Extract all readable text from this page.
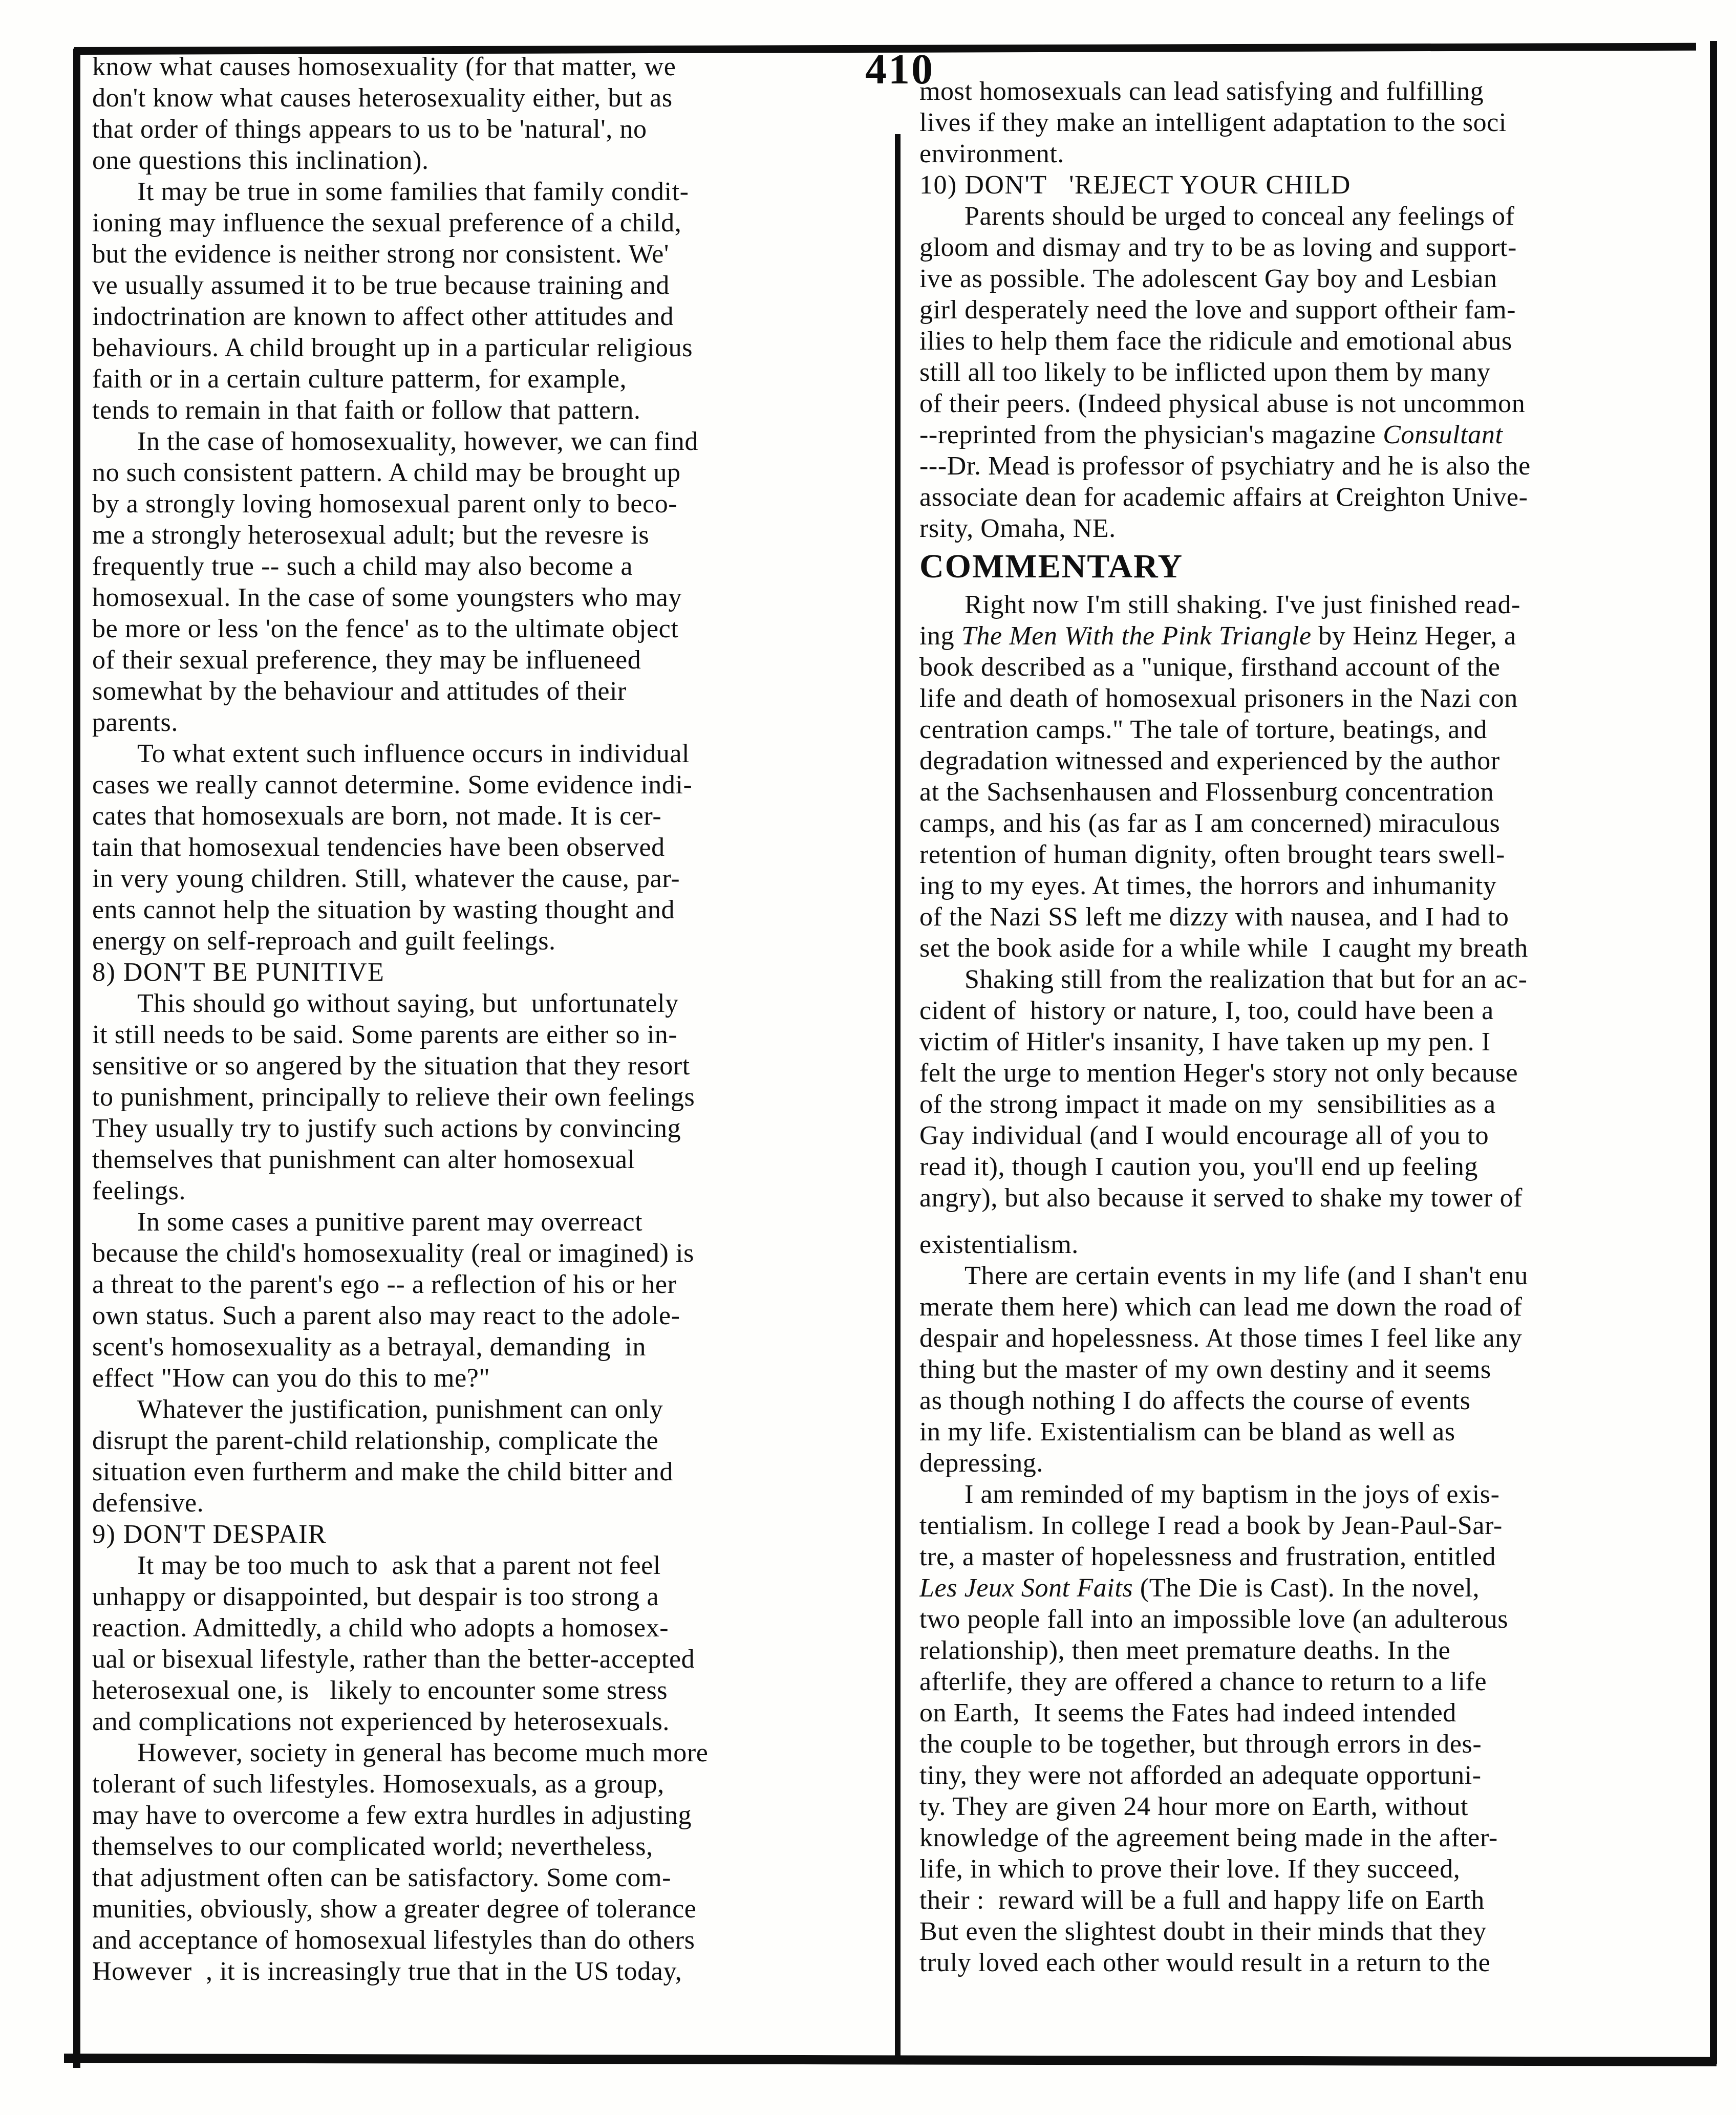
410
know what causes homosexuality (for that matter, we
don't know what causes heterosexuality either, but as
that order of things appears to us to be 'natural', no
one questions this inclination).
It may be true in some families that family condit-
ioning may influence the sexual preference of a child,
but the evidence is neither strong nor consistent. We'
ve usually assumed it to be true because training and
indoctrination are known to affect other attitudes and
behaviours. A child brought up in a particular religious
faith or in a certain culture patterm, for example,
tends to remain in that faith or follow that pattern.
In the case of homosexuality, however, we can find
no such consistent pattern. A child may be brought up
by a strongly loving homosexual parent only to beco-
me a strongly heterosexual adult; but the revesre is
frequently true -- such a child may also become a
homosexual. In the case of some youngsters who may
be more or less 'on the fence' as to the ultimate object
of their sexual preference, they may be influeneed
somewhat by the behaviour and attitudes of their
parents.
To what extent such influence occurs in individual
cases we really cannot determine. Some evidence indi-
cates that homosexuals are born, not made. It is cer-
tain that homosexual tendencies have been observed
in very young children. Still, whatever the cause, par-
ents cannot help the situation by wasting thought and
energy on self-reproach and guilt feelings.
8) DON'T BE PUNITIVE
This should go without saying, but  unfortunately
it still needs to be said. Some parents are either so in-
sensitive or so angered by the situation that they resort
to punishment, principally to relieve their own feelings
They usually try to justify such actions by convincing
themselves that punishment can alter homosexual
feelings.
In some cases a punitive parent may overreact
because the child's homosexuality (real or imagined) is
a threat to the parent's ego -- a reflection of his or her
own status. Such a parent also may react to the adole-
scent's homosexuality as a betrayal, demanding  in
effect "How can you do this to me?"
Whatever the justification, punishment can only
disrupt the parent-child relationship, complicate the
situation even furtherm and make the child bitter and
defensive.
9) DON'T DESPAIR
It may be too much to  ask that a parent not feel
unhappy or disappointed, but despair is too strong a
reaction. Admittedly, a child who adopts a homosex-
ual or bisexual lifestyle, rather than the better-accepted
heterosexual one, is   likely to encounter some stress
and complications not experienced by heterosexuals.
However, society in general has become much more
tolerant of such lifestyles. Homosexuals, as a group,
may have to overcome a few extra hurdles in adjusting
themselves to our complicated world; nevertheless,
that adjustment often can be satisfactory. Some com-
munities, obviously, show a greater degree of tolerance
and acceptance of homosexual lifestyles than do others
However  , it is increasingly true that in the US today,
most homosexuals can lead satisfying and fulfilling
lives if they make an intelligent adaptation to the soci
environment.
10) DON'T   'REJECT YOUR CHILD
Parents should be urged to conceal any feelings of
gloom and dismay and try to be as loving and support-
ive as possible. The adolescent Gay boy and Lesbian
girl desperately need the love and support oftheir fam-
ilies to help them face the ridicule and emotional abus
still all too likely to be inflicted upon them by many
of their peers. (Indeed physical abuse is not uncommon
--reprinted from the physician's magazine Consultant
---Dr. Mead is professor of psychiatry and he is also the
associate dean for academic affairs at Creighton Unive-
rsity, Omaha, NE.
COMMENTARY
Right now I'm still shaking. I've just finished read-
ing The Men With the Pink Triangle by Heinz Heger, a
book described as a "unique, firsthand account of the
life and death of homosexual prisoners in the Nazi con
centration camps." The tale of torture, beatings, and
degradation witnessed and experienced by the author
at the Sachsenhausen and Flossenburg concentration
camps, and his (as far as I am concerned) miraculous
retention of human dignity, often brought tears swell-
ing to my eyes. At times, the horrors and inhumanity
of the Nazi SS left me dizzy with nausea, and I had to
set the book aside for a while while  I caught my breath
Shaking still from the realization that but for an ac-
cident of  history or nature, I, too, could have been a
victim of Hitler's insanity, I have taken up my pen. I
felt the urge to mention Heger's story not only because
of the strong impact it made on my  sensibilities as a
Gay individual (and I would encourage all of you to
read it), though I caution you, you'll end up feeling
angry), but also because it served to shake my tower of
existentialism.
There are certain events in my life (and I shan't enu
merate them here) which can lead me down the road of
despair and hopelessness. At those times I feel like any
thing but the master of my own destiny and it seems
as though nothing I do affects the course of events
in my life. Existentialism can be bland as well as
depressing.
I am reminded of my baptism in the joys of exis-
tentialism. In college I read a book by Jean-Paul-Sar-
tre, a master of hopelessness and frustration, entitled
Les Jeux Sont Faits (The Die is Cast). In the novel,
two people fall into an impossible love (an adulterous
relationship), then meet premature deaths. In the
afterlife, they are offered a chance to return to a life
on Earth,  It seems the Fates had indeed intended
the couple to be together, but through errors in des-
tiny, they were not afforded an adequate opportuni-
ty. They are given 24 hour more on Earth, without
knowledge of the agreement being made in the after-
life, in which to prove their love. If they succeed,
their :  reward will be a full and happy life on Earth
But even the slightest doubt in their minds that they
truly loved each other would result in a return to the
